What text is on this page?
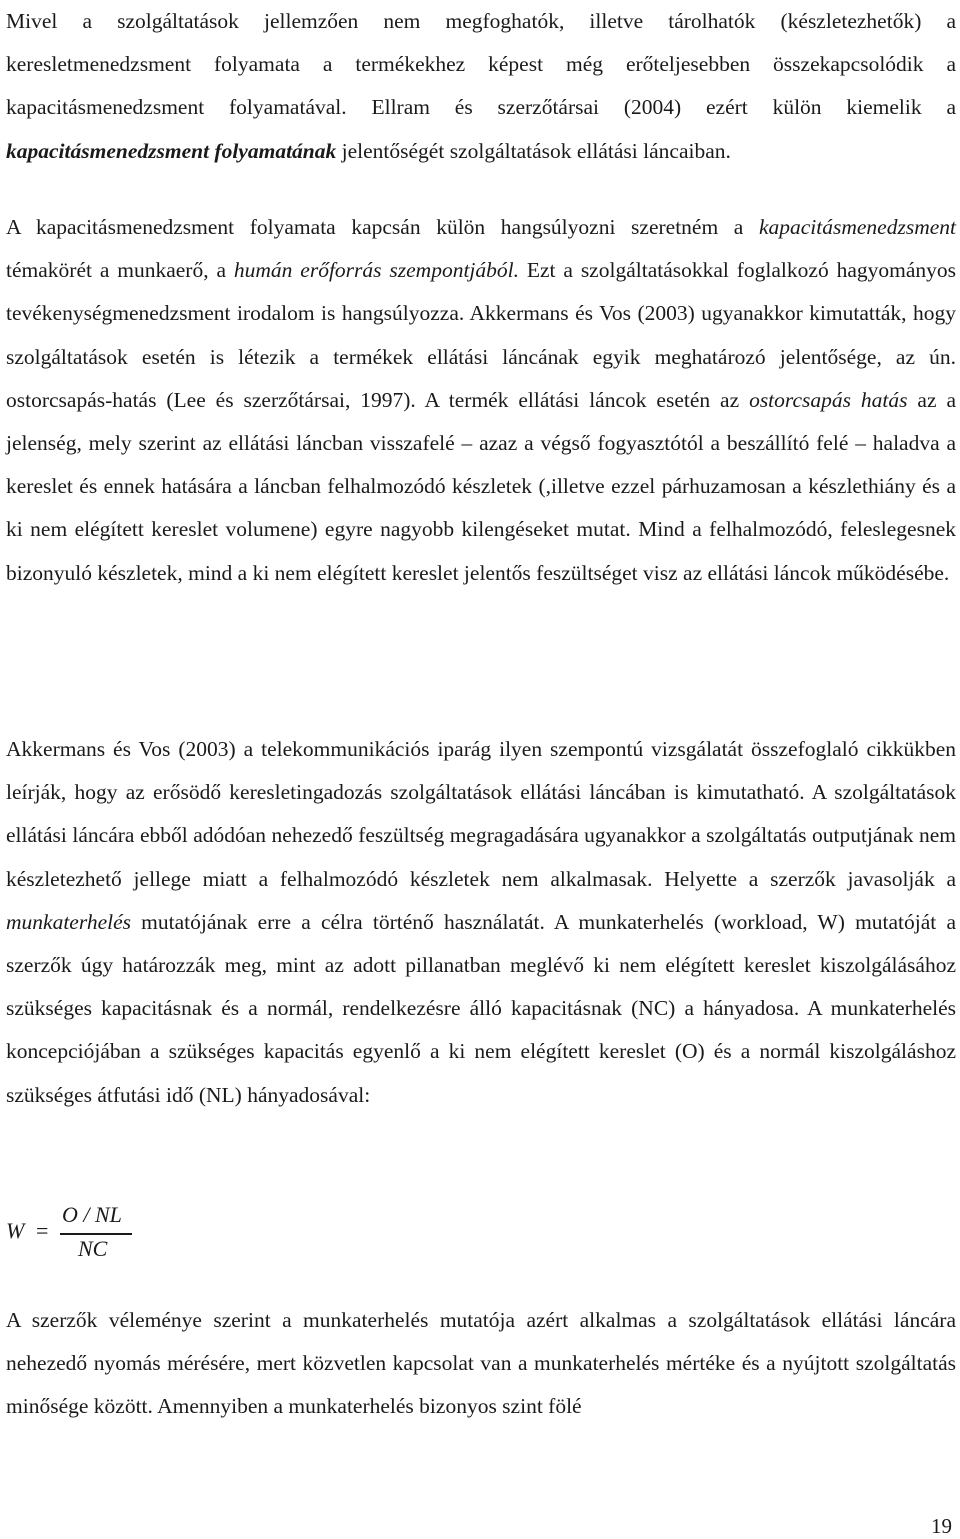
Mivel a szolgáltatások jellemzően nem megfoghatók, illetve tárolhatók (készletezhetők) a keresletmenedzsment folyamata a termékekhez képest még erőteljesebben összekapcsolódik a kapacitásmenedzsment folyamatával. Ellram és szerzőtársai (2004) ezért külön kiemelik a kapacitásmenedzsment folyamatának jelentőségét szolgáltatások ellátási láncaiban.

A kapacitásmenedzsment folyamata kapcsán külön hangsúlyozni szeretném a kapacitásmenedzsment témakörét a munkaerő, a humán erőforrás szempontjából. Ezt a szolgáltatásokkal foglalkozó hagyományos tevékenységmenedzsment irodalom is hangsúlyozza. Akkermans és Vos (2003) ugyanakkor kimutatták, hogy szolgáltatások esetén is létezik a termékek ellátási láncának egyik meghatározó jelentősége, az ún. ostorcsapás-hatás (Lee és szerzőtársai, 1997). A termék ellátási láncok esetén az ostorcsapás hatás az a jelenség, mely szerint az ellátási láncban visszafelé – azaz a végső fogyasztótól a beszállító felé – haladva a kereslet és ennek hatására a láncban felhalmozódó készletek (,illetve ezzel párhuzamosan a készlethiány és a ki nem elégített kereslet volumene) egyre nagyobb kilengéseket mutat. Mind a felhalmozódó, feleslegesnek bizonyuló készletek, mind a ki nem elégített kereslet jelentős feszültséget visz az ellátási láncok működésébe.

Akkermans és Vos (2003) a telekommunikációs iparág ilyen szempontú vizsgálatát összefoglaló cikkükben leírják, hogy az erősödő keresletingadozás szolgáltatások ellátási láncában is kimutatható. A szolgáltatások ellátási láncára ebből adódóan nehezedő feszültség megragadására ugyanakkor a szolgáltatás outputjának nem készletezhető jellege miatt a felhalmozódó készletek nem alkalmasak. Helyette a szerzők javasolják a munkaterhelés mutatójának erre a célra történő használatát. A munkaterhelés (workload, W) mutatóját a szerzők úgy határozzák meg, mint az adott pillanatban meglévő ki nem elégített kereslet kiszolgálásához szükséges kapacitásnak és a normál, rendelkezésre álló kapacitásnak (NC) a hányadosa. A munkaterhelés koncepciójában a szükséges kapacitás egyenlő a ki nem elégített kereslet (O) és a normál kiszolgáláshoz szükséges átfutási idő (NL) hányadosával:

W =
O / NL
NC

A szerzők véleménye szerint a munkaterhelés mutatója azért alkalmas a szolgáltatások ellátási láncára nehezedő nyomás mérésére, mert közvetlen kapcsolat van a munkaterhelés mértéke és a nyújtott szolgáltatás minősége között. Amennyiben a munkaterhelés bizonyos szint fölé

19
